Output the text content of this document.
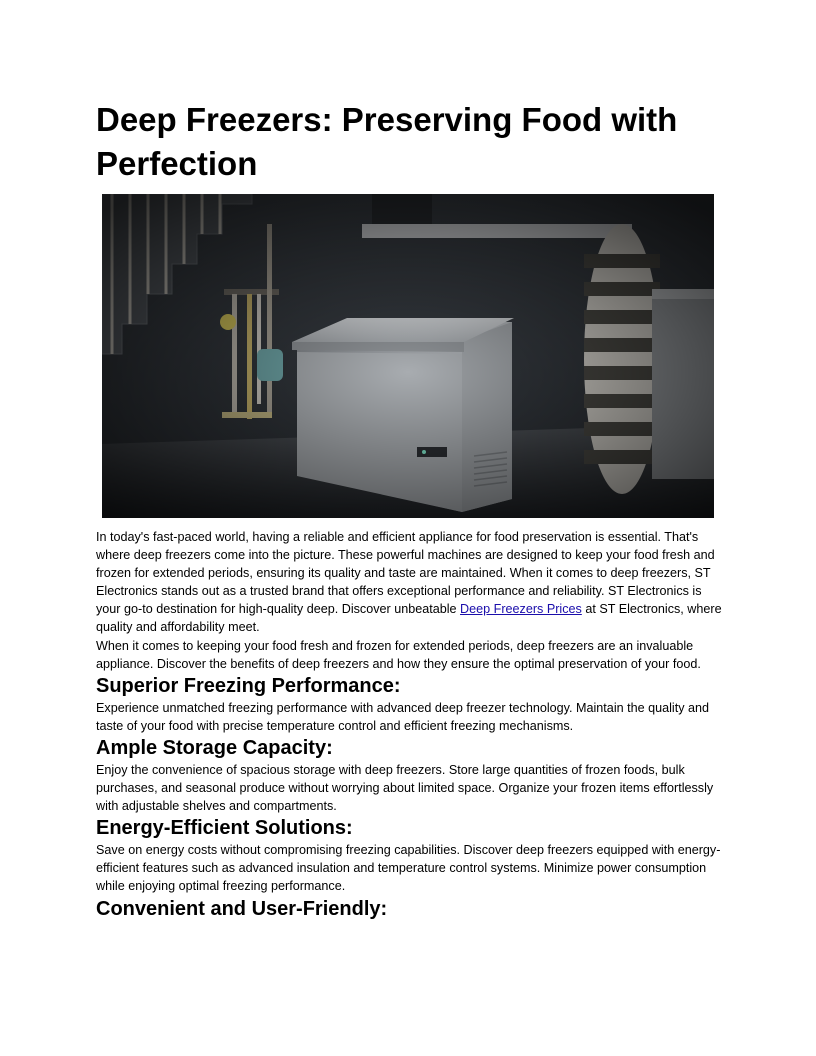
Deep Freezers: Preserving Food with Perfection

In today's fast-paced world, having a reliable and efficient appliance for food preservation is essential. That's where deep freezers come into the picture. These powerful machines are designed to keep your food fresh and frozen for extended periods, ensuring its quality and taste are maintained. When it comes to deep freezers, ST Electronics stands out as a trusted brand that offers exceptional performance and reliability. ST Electronics is your go-to destination for high-quality deep. Discover unbeatable Deep Freezers Prices at ST Electronics, where quality and affordability meet.

When it comes to keeping your food fresh and frozen for extended periods, deep freezers are an invaluable appliance. Discover the benefits of deep freezers and how they ensure the optimal preservation of your food.

Superior Freezing Performance:

Experience unmatched freezing performance with advanced deep freezer technology. Maintain the quality and taste of your food with precise temperature control and efficient freezing mechanisms.

Ample Storage Capacity:

Enjoy the convenience of spacious storage with deep freezers. Store large quantities of frozen foods, bulk purchases, and seasonal produce without worrying about limited space. Organize your frozen items effortlessly with adjustable shelves and compartments.

Energy-Efficient Solutions:

Save on energy costs without compromising freezing capabilities. Discover deep freezers equipped with energy-efficient features such as advanced insulation and temperature control systems. Minimize power consumption while enjoying optimal freezing performance.

Convenient and User-Friendly:
